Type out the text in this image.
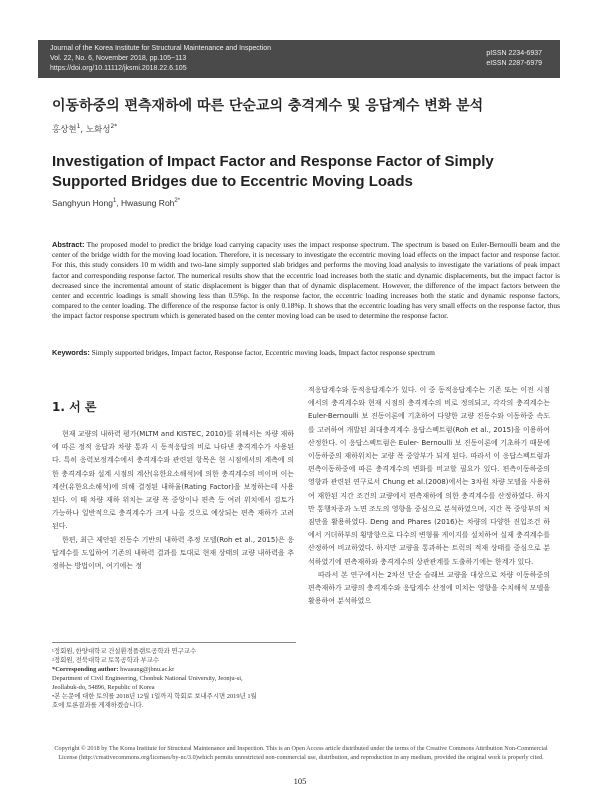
Journal of the Korea Institute for Structural Maintenance and Inspection
Vol. 22, No. 6, November 2018, pp.105~113
https://doi.org/10.11112/jksmi.2018.22.6.105
pISSN 2234-6937
eISSN 2287-6979
이동하중의 편측재하에 따른 단순교의 충격계수 및 응답계수 변화 분석
홍상현$^1$, 노화성$^{2*}$
Investigation of Impact Factor and Response Factor of Simply Supported Bridges due to Eccentric Moving Loads
Sanghyun Hong$^1$, Hwasung Roh$^{2*}$
Abstract: The proposed model to predict the bridge load carrying capacity uses the impact response spectrum. The spectrum is based on Euler-Bernoulli beam and the center of the bridge width for the moving load location. Therefore, it is necessary to investigate the eccentric moving load effects on the impact factor and response factor. For this, this study considers 10 m width and two-lane simply supported slab bridges and performs the moving load analysis to investigate the variations of peak impact factor and corresponding response factor. The numerical results show that the eccentric load increases both the static and dynamic displacements, but the impact factor is decreased since the incremental amount of static displacement is bigger than that of dynamic displacement. However, the difference of the impact factors between the center and eccentric loadings is small showing less than 0.5%p. In the response factor, the eccentric loading increases both the static and dynamic response factors, compared to the center loading. The difference of the response factor is only 0.18%p. It shows that the eccentric loading has very small effects on the response factor, thus the impact factor response spectrum which is generated based on the center moving load can be used to determine the response factor.
Keywords: Simply supported bridges, Impact factor, Response factor, Eccentric moving loads, Impact factor response spectrum
1. 서 론

현재 교량의 내하력 평가(MLTM and KISTEC, 2010)를 위해서는 차량 재하에 따른 정적 응답과 차량 통과 시 동적응답의 비로 나타낸 충격계수가 사용된다. 특히 응력보정계수에서 충격계수와 관련된 항목은 현 시점에서의 계측에 의한 충격계수와 설계 시점의 계산(유한요소해석)에 의한 충격계수의 비이며 이는 계산(유한요소해석)에 의해 결정된 내하율(Rating Factor)을 보정하는데 사용된다. 이 때 차량 재하 위치는 교량 폭 중앙이나 편측 등 여러 위치에서 검토가 가능하나 일반적으로 충격계수가 크게 나올 것으로 예상되는 편측 재하가 고려된다.

한편, 최근 제안된 진동수 기반의 내하력 추정 모델(Roh et al., 2015)은 응답계수를 도입하여 기존의 내하력 결과를 토대로 현재 상태의 교량 내하력을 추정하는 방법이며, 여기에는 정

적응답계수와 동적응답계수가 있다. 이 중 동적응답계수는 기존 또는 이전 시점에서의 충격계수와 현재 시점의 충격계수의 비로 정의되고, 각각의 충격계수는 Euler-Bernoulli 보 진동이론에 기초하여 다양한 교량 진동수와 이동하중 속도를 고려하여 개발된 최대충격계수 응답스펙트럼(Roh et al., 2015)을 이용하여 산정한다. 이 응답스펙트럼은 Euler- Bernoulli 보 진동이론에 기초하기 때문에 이동하중의 재하위치는 교량 폭 중앙부가 되게 된다. 따라서 이 응답스펙트럼과 편측이동하중에 따른 충격계수의 변화를 비교할 필요가 있다. 편측이동하중의 영향과 관련된 연구로서 Chung et al.(2008)에서는 3차원 차량 모델을 사용하여 재한된 지간 조건의 교량에서 편측재하에 의한 충격계수를 산정하였다. 하지만 통행차종과 노면 조도의 영향을 중심으로 분석하였으며, 지간 폭 중앙부의 처짐만을 활용하였다. Deng and Phares (2016)는 차량의 다양한 진입조건 하에서 거더하부의 횡방향으로 다수의 변형률 게이지를 설치하여 실제 충격계수를 산정하여 비교하였다. 하지만 교량을 통과하는 트럭의 적재 상태를 중심으로 분석하였기에 편측재하와 충격계수의 상관관계를 도출하기에는 한계가 있다.

따라서 본 연구에서는 2차선 단순 슬래브 교량을 대상으로 차량 이동하중의 편측재하가 교량의 충격계수와 응답계수 산정에 미치는 영향을 수치해석 모델을 활용하여 분석하였으

¹정회원, 한양대학교 건설환경플랜트공학과 연구교수
²정회원, 전북대학교 토목공학과 부교수
*Corresponding author: hwasung@jbnu.ac.kr
Department of Civil Engineering, Chonbuk National University, Jeonju-si,
Jeollabuk-do, 54896, Republic of Korea
•본 논문에 대한 토의를 2018년 12월 1일까지 학회로 보내주시면 2019년 1월
호에 토론결과를 게재하겠습니다.
Copyright © 2018 by The Korea Institute for Structural Maintenance and Inspection. This is an Open Access article distributed under the terms of the Creative Commons Attribution Non-Commercial License (http://creativecommons.org/licenses/by-nc/3.0)which permits unrestricted non-commercial use, distribution, and reproduction in any medium, provided the original work is properly cited.
105
